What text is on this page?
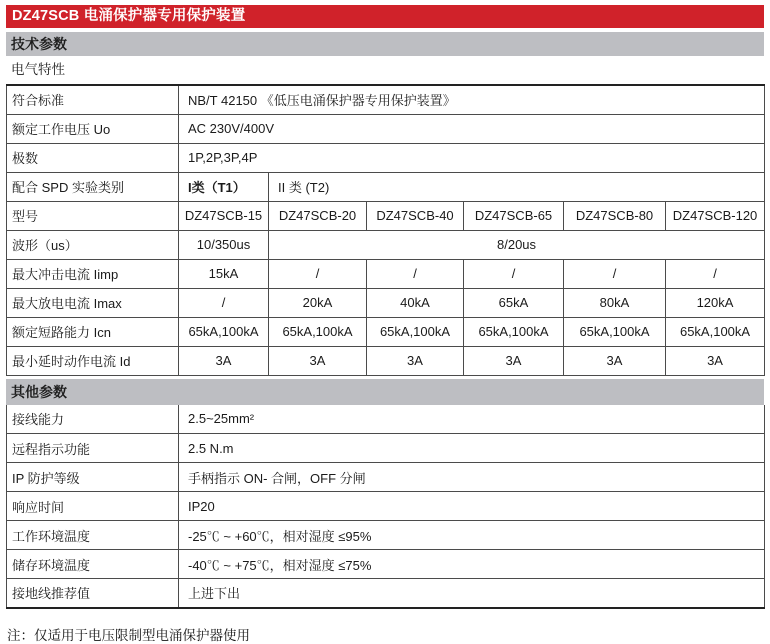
DZ47SCB 电涌保护器专用保护装置
技术参数
电气特性
符合标准	NB/T 42150 《低压电涌保护器专用保护装置》					
额定工作电压 Uo	AC 230V/400V					
极数	1P,2P,3P,4P					
配合 SPD 实验类别	I类（T1）	II 类 (T2)				
型号	DZ47SCB-15	DZ47SCB-20	DZ47SCB-40	DZ47SCB-65	DZ47SCB-80	DZ47SCB-120
波形（us）	10/350us	8/20us				
最大冲击电流 Iimp	15kA	/	/	/	/	/
最大放电电流 Imax	/	20kA	40kA	65kA	80kA	120kA
额定短路能力 Icn	65kA,100kA	65kA,100kA	65kA,100kA	65kA,100kA	65kA,100kA	65kA,100kA
最小延时动作电流 Id	3A	3A	3A	3A	3A	3A
其他参数
接线能力	2.5~25mm²
远程指示功能	2.5 N.m
IP 防护等级	手柄指示 ON- 合闸，OFF 分闸
响应时间	IP20
工作环境温度	-25℃ ~ +60℃，相对湿度 ≤95%
储存环境温度	-40℃ ~ +75℃，相对湿度 ≤75%
接地线推荐值	上进下出
注：仅适用于电压限制型电涌保护器使用
